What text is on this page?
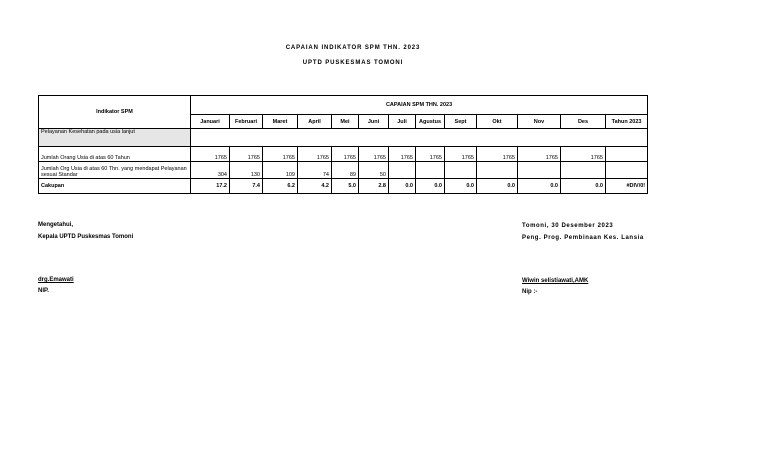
CAPAIAN INDIKATOR SPM THN. 2023
UPTD PUSKESMAS TOMONI
Indikator SPM	CAPAIAN SPM THN. 2023												
	Januari	Februari	Maret	April	Mei	Juni	Juli	Agustus	Sept	Okt	Nov	Des	Tahun 2023
Pelayanan Kesehatan pada usia lanjut													
Jumlah Orang Usia di atas 60 Tahun	1765	1765	1765	1765	1765	1765	1765	1765	1765	1765	1765	1765	
Jumlah Org Usia di atas 60 Thn. yang mendapat Pelayanan sesuai Standar	304	130	109	74	89	50							
Cakupan	17.2	7.4	6.2	4.2	5.0	2.8	0.0	0.0	0.0	0.0	0.0	0.0	#DIV/0!
Mengetahui,
Kepala UPTD Puskesmas Tomoni
drg.Emawati
NIP.
Tomoni, 30 Desember 2023
Peng. Prog. Pembinaan Kes. Lansia
Wiwin selistiawati,AMK
Nip :-
